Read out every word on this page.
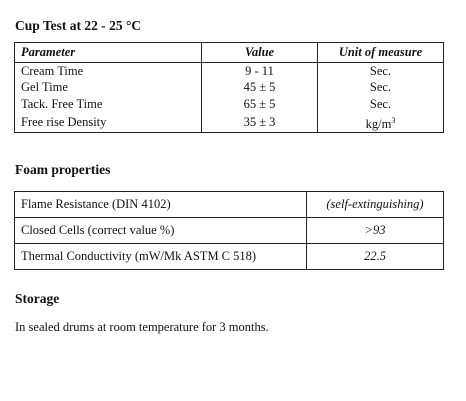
Cup Test at 22 - 25 °C
Parameter	Value	Unit of measure
Cream Time	9 - 11	Sec.
Gel Time	45 ± 5	Sec.
Tack. Free Time	65 ± 5	Sec.
Free rise Density	35 ± 3	$kg/m^3$
Foam properties
Flame Resistance (DIN 4102)	(self-extinguishing)
Closed Cells (correct value %)	>93
Thermal Conductivity (mW/Mk ASTM C 518)	22.5
Storage

In sealed drums at room temperature for 3 months.
